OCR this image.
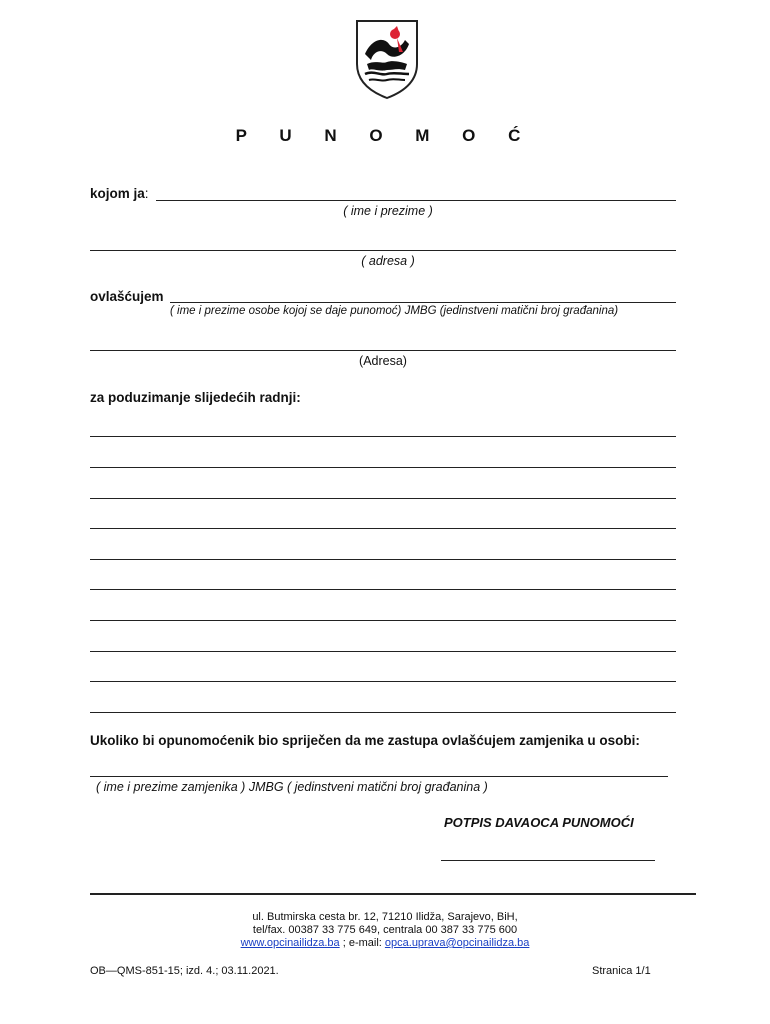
P U N O M O Ć
kojom ja:
( ime i prezime )
( adresa )
ovlašćujem
( ime i prezime osobe kojoj se daje punomoć) JMBG (jedinstveni matični broj građanina)
(Adresa)
za poduzimanje slijedećih radnji:
Ukoliko bi opunomoćenik bio spriječen da me zastupa ovlašćujem zamjenika u osobi:
( ime i prezime zamjenika ) JMBG ( jedinstveni matični broj građanina )
POTPIS DAVAOCA PUNOMOĆI
ul. Butmirska cesta br. 12, 71210 Ilidža, Sarajevo, BiH,
tel/fax. 00387 33 775 649, centrala 00 387 33 775 600
www.opcinailidza.ba ; e-mail: opca.uprava@opcinailidza.ba
OB—QMS-851-15; izd. 4.; 03.11.2021.	Stranica 1/1
